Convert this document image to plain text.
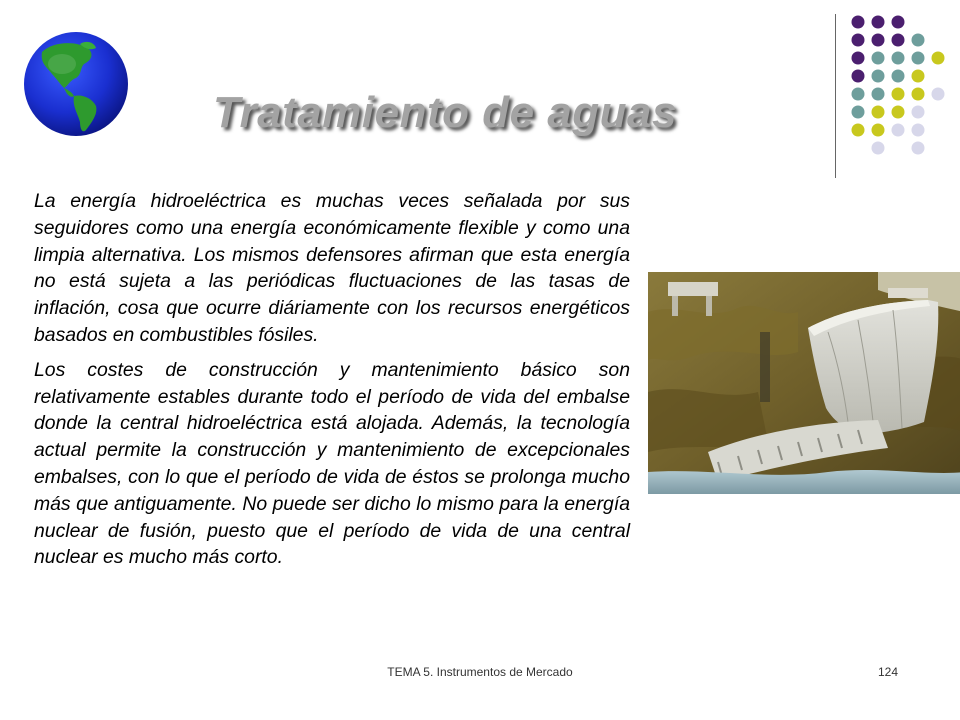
Tratamiento de aguas

La energía hidroeléctrica es muchas veces señalada por sus seguidores como una energía económicamente flexible y como una limpia alternativa. Los mismos defensores afirman que esta energía no está sujeta a las periódicas fluctuaciones de las tasas de inflación, cosa que ocurre diáriamente con los recursos energéticos basados en combustibles fósiles.

Los costes de construcción y mantenimiento básico son relativamente estables durante todo el período de vida del embalse donde la central hidroeléctrica está alojada. Además, la tecnología actual permite la construcción y mantenimiento de excepcionales embalses, con lo que el período de vida de éstos se prolonga mucho más que antiguamente. No puede ser dicho lo mismo para la energía nuclear de fusión, puesto que el período de vida de una central nuclear es mucho más corto.

TEMA 5. Instrumentos de Mercado	124
